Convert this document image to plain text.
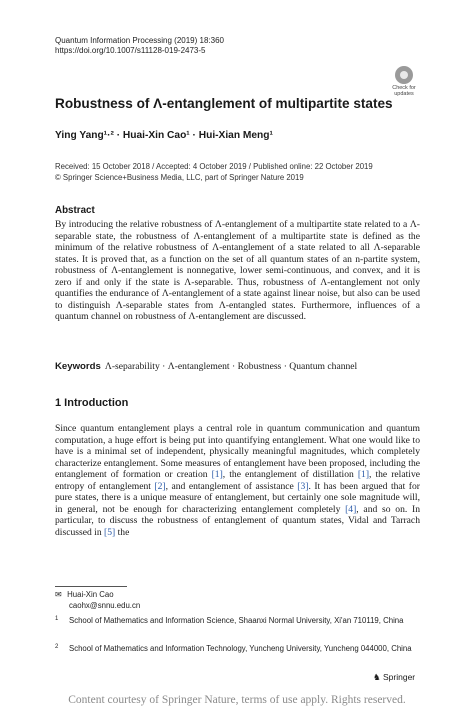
Quantum Information Processing (2019) 18:360
https://doi.org/10.1007/s11128-019-2473-5
Check for updates
Robustness of Λ-entanglement of multipartite states
Ying Yang¹·² · Huai-Xin Cao¹ · Hui-Xian Meng¹
Received: 15 October 2018 / Accepted: 4 October 2019 / Published online: 22 October 2019
© Springer Science+Business Media, LLC, part of Springer Nature 2019
Abstract
By introducing the relative robustness of Λ-entanglement of a multipartite state related to a Λ-separable state, the robustness of Λ-entanglement of a multipartite state is defined as the minimum of the relative robustness of Λ-entanglement of a state related to all Λ-separable states. It is proved that, as a function on the set of all quantum states of an n-partite system, robustness of Λ-entanglement is nonnegative, lower semi-continuous, and convex, and it is zero if and only if the state is Λ-separable. Thus, robustness of Λ-entanglement not only quantifies the endurance of Λ-entanglement of a state against linear noise, but also can be used to distinguish Λ-separable states from Λ-entangled states. Furthermore, influences of a quantum channel on robustness of Λ-entanglement are discussed.
Keywords Λ-separability · Λ-entanglement · Robustness · Quantum channel
1 Introduction
Since quantum entanglement plays a central role in quantum communication and quantum computation, a huge effort is being put into quantifying entanglement. What one would like to have is a minimal set of independent, physically meaningful magnitudes, which completely characterize entanglement. Some measures of entanglement have been proposed, including the entanglement of formation or creation [1], the entanglement of distillation [1], the relative entropy of entanglement [2], and entanglement of assistance [3]. It has been argued that for pure states, there is a unique measure of entanglement, but certainly one sole magnitude will, in general, not be enough for characterizing entanglement completely [4], and so on. In particular, to discuss the robustness of entanglement of quantum states, Vidal and Tarrach discussed in [5] the
✉ Huai-Xin Cao
caohx@snnu.edu.cn
1	School of Mathematics and Information Science, Shaanxi Normal University, Xi'an 710119, China
2	School of Mathematics and Information Technology, Yuncheng University, Yuncheng 044000, China
♞ Springer
Content courtesy of Springer Nature, terms of use apply. Rights reserved.
